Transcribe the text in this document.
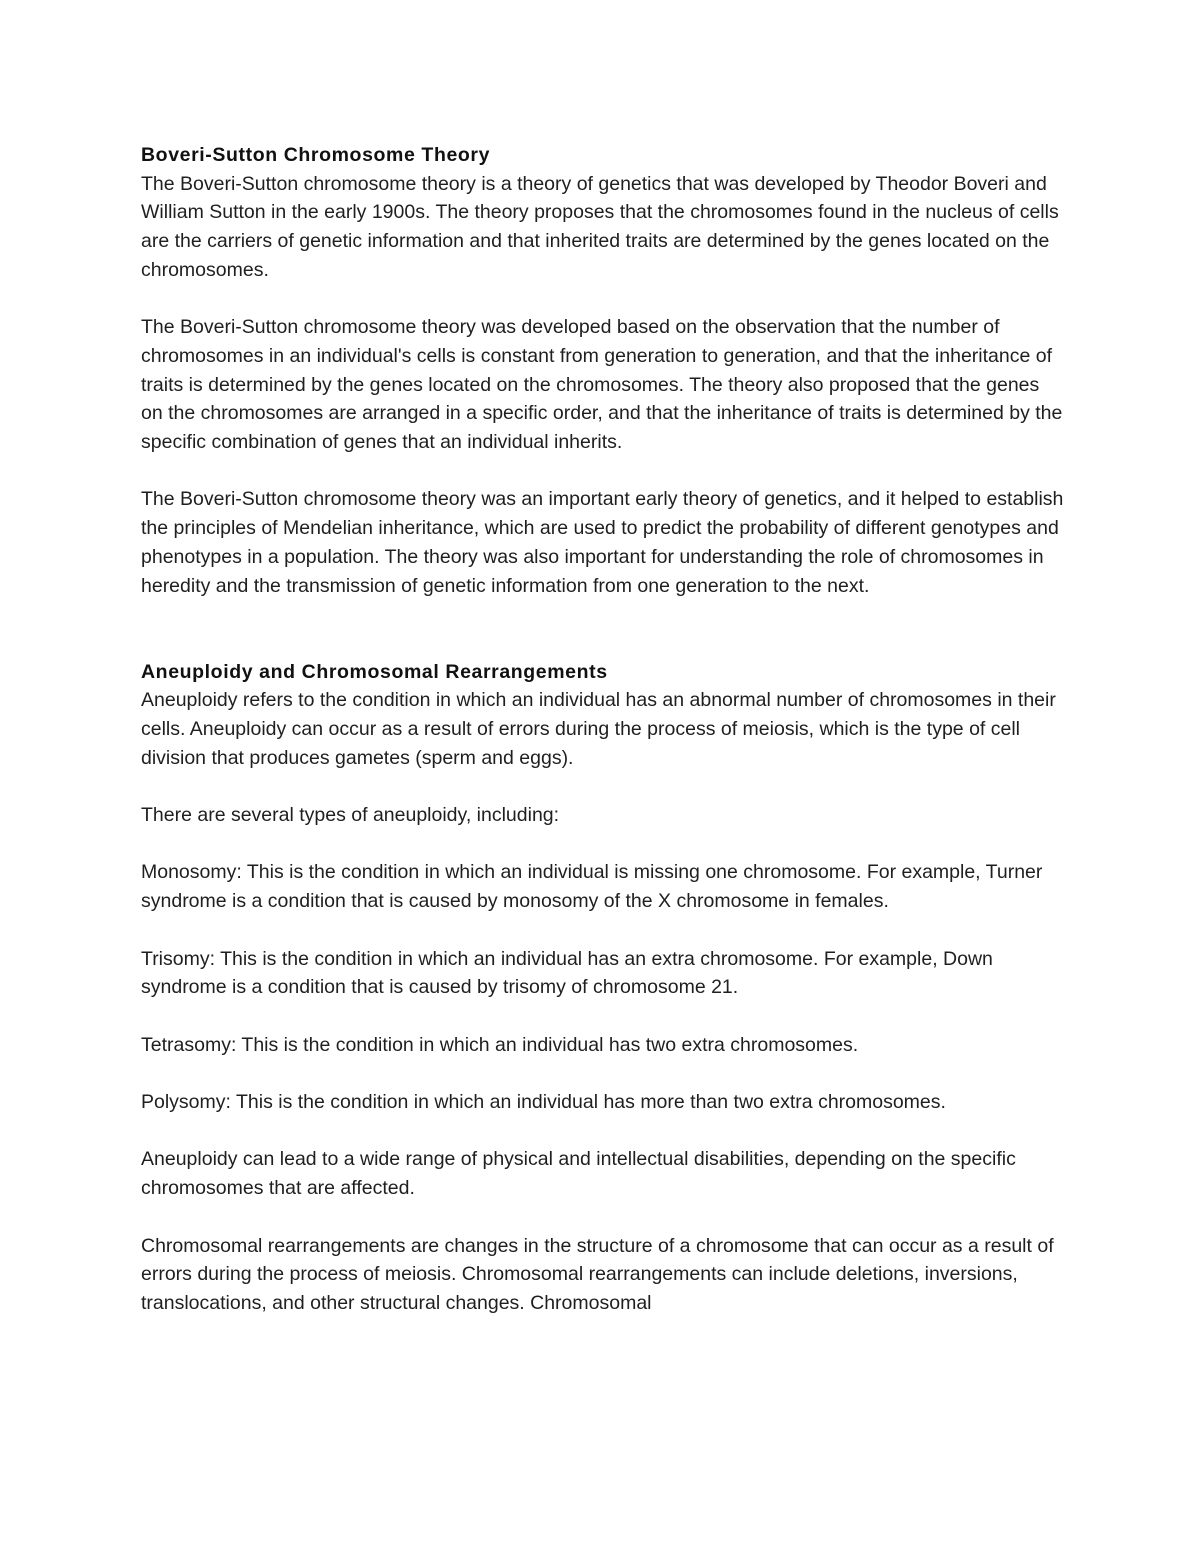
Boveri-Sutton Chromosome Theory

The Boveri-Sutton chromosome theory is a theory of genetics that was developed by Theodor Boveri and William Sutton in the early 1900s. The theory proposes that the chromosomes found in the nucleus of cells are the carriers of genetic information and that inherited traits are determined by the genes located on the chromosomes.

The Boveri-Sutton chromosome theory was developed based on the observation that the number of chromosomes in an individual's cells is constant from generation to generation, and that the inheritance of traits is determined by the genes located on the chromosomes. The theory also proposed that the genes on the chromosomes are arranged in a specific order, and that the inheritance of traits is determined by the specific combination of genes that an individual inherits.

The Boveri-Sutton chromosome theory was an important early theory of genetics, and it helped to establish the principles of Mendelian inheritance, which are used to predict the probability of different genotypes and phenotypes in a population. The theory was also important for understanding the role of chromosomes in heredity and the transmission of genetic information from one generation to the next.

Aneuploidy and Chromosomal Rearrangements

Aneuploidy refers to the condition in which an individual has an abnormal number of chromosomes in their cells. Aneuploidy can occur as a result of errors during the process of meiosis, which is the type of cell division that produces gametes (sperm and eggs).

There are several types of aneuploidy, including:

Monosomy: This is the condition in which an individual is missing one chromosome. For example, Turner syndrome is a condition that is caused by monosomy of the X chromosome in females.

Trisomy: This is the condition in which an individual has an extra chromosome. For example, Down syndrome is a condition that is caused by trisomy of chromosome 21.

Tetrasomy: This is the condition in which an individual has two extra chromosomes.

Polysomy: This is the condition in which an individual has more than two extra chromosomes.

Aneuploidy can lead to a wide range of physical and intellectual disabilities, depending on the specific chromosomes that are affected.

Chromosomal rearrangements are changes in the structure of a chromosome that can occur as a result of errors during the process of meiosis. Chromosomal rearrangements can include deletions, inversions, translocations, and other structural changes. Chromosomal
